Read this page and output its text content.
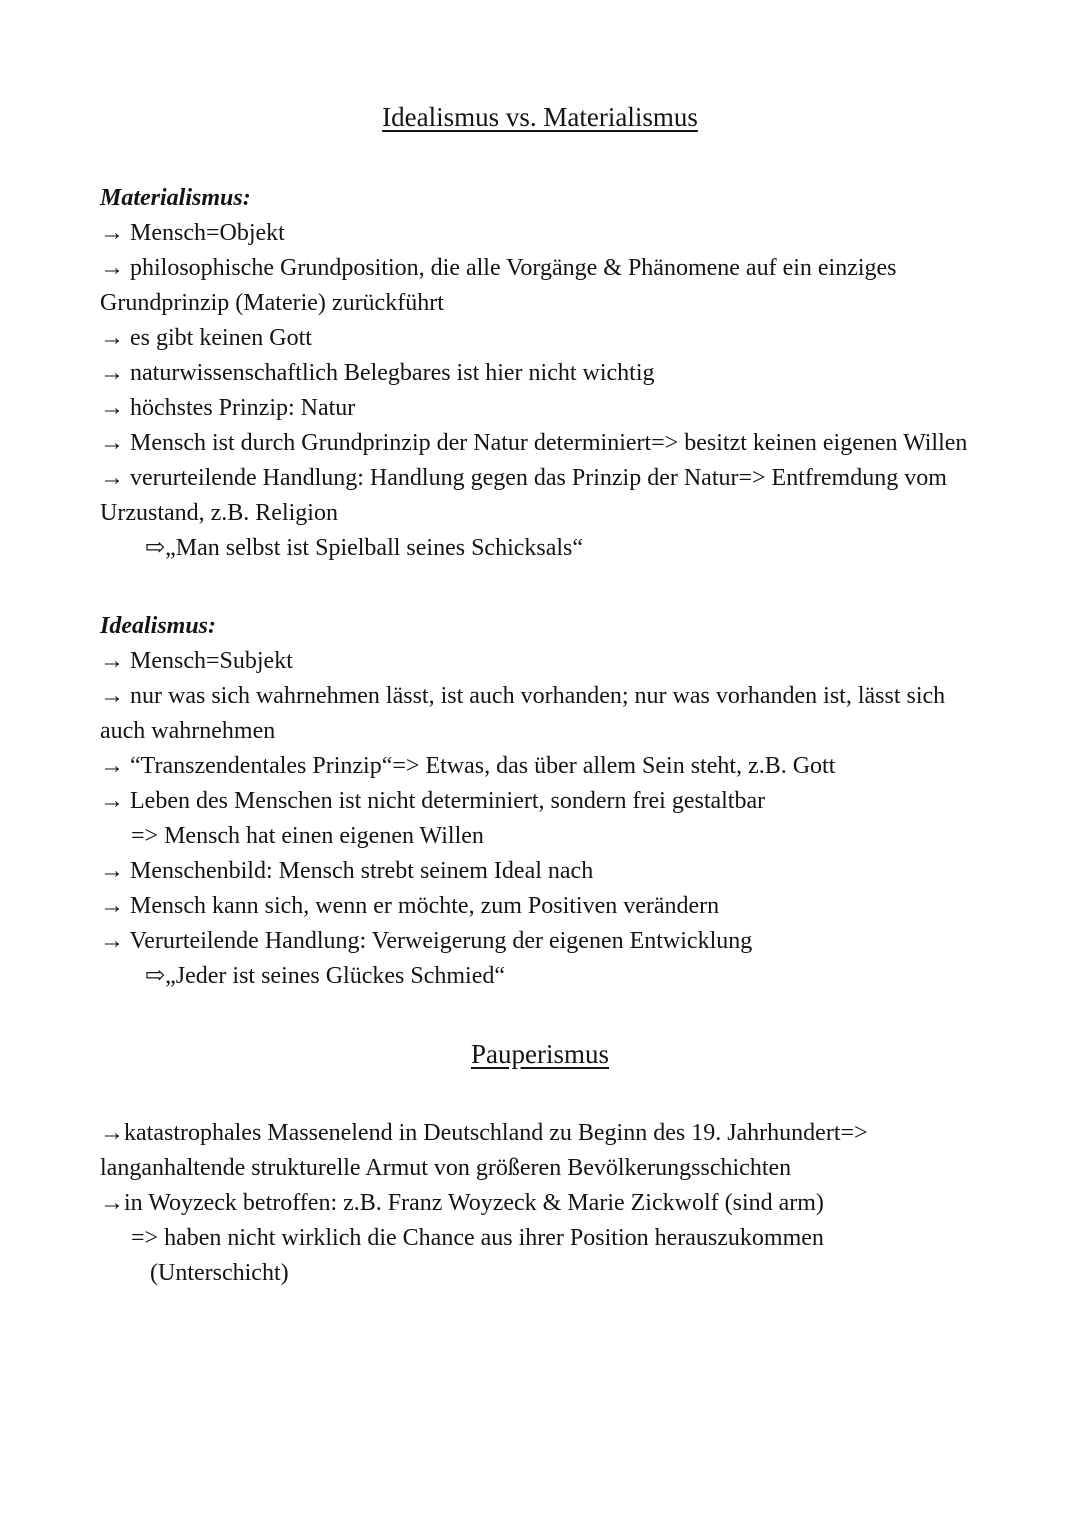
Idealismus vs. Materialismus
Materialismus:
→ Mensch=Objekt
→ philosophische Grundposition, die alle Vorgänge & Phänomene auf ein einziges Grundprinzip (Materie) zurückführt
→ es gibt keinen Gott
→ naturwissenschaftlich Belegbares ist hier nicht wichtig
→ höchstes Prinzip: Natur
→ Mensch ist durch Grundprinzip der Natur determiniert=> besitzt keinen eigenen Willen
→ verurteilende Handlung: Handlung gegen das Prinzip der Natur=> Entfremdung vom Urzustand, z.B. Religion
⇨„Man selbst ist Spielball seines Schicksals“
Idealismus:
→ Mensch=Subjekt
→ nur was sich wahrnehmen lässt, ist auch vorhanden; nur was vorhanden ist, lässt sich auch wahrnehmen
→ “Transzendentales Prinzip“=> Etwas, das über allem Sein steht, z.B. Gott
→ Leben des Menschen ist nicht determiniert, sondern frei gestaltbar
=> Mensch hat einen eigenen Willen
→ Menschenbild: Mensch strebt seinem Ideal nach
→ Mensch kann sich, wenn er möchte, zum Positiven verändern
→ Verurteilende Handlung: Verweigerung der eigenen Entwicklung
⇨„Jeder ist seines Glückes Schmied“
Pauperismus
→katastrophales Massenelend in Deutschland zu Beginn des 19. Jahrhundert=> langanhaltende strukturelle Armut von größeren Bevölkerungsschichten
→in Woyzeck betroffen: z.B. Franz Woyzeck & Marie Zickwolf (sind arm)
=> haben nicht wirklich die Chance aus ihrer Position herauszukommen
(Unterschicht)
